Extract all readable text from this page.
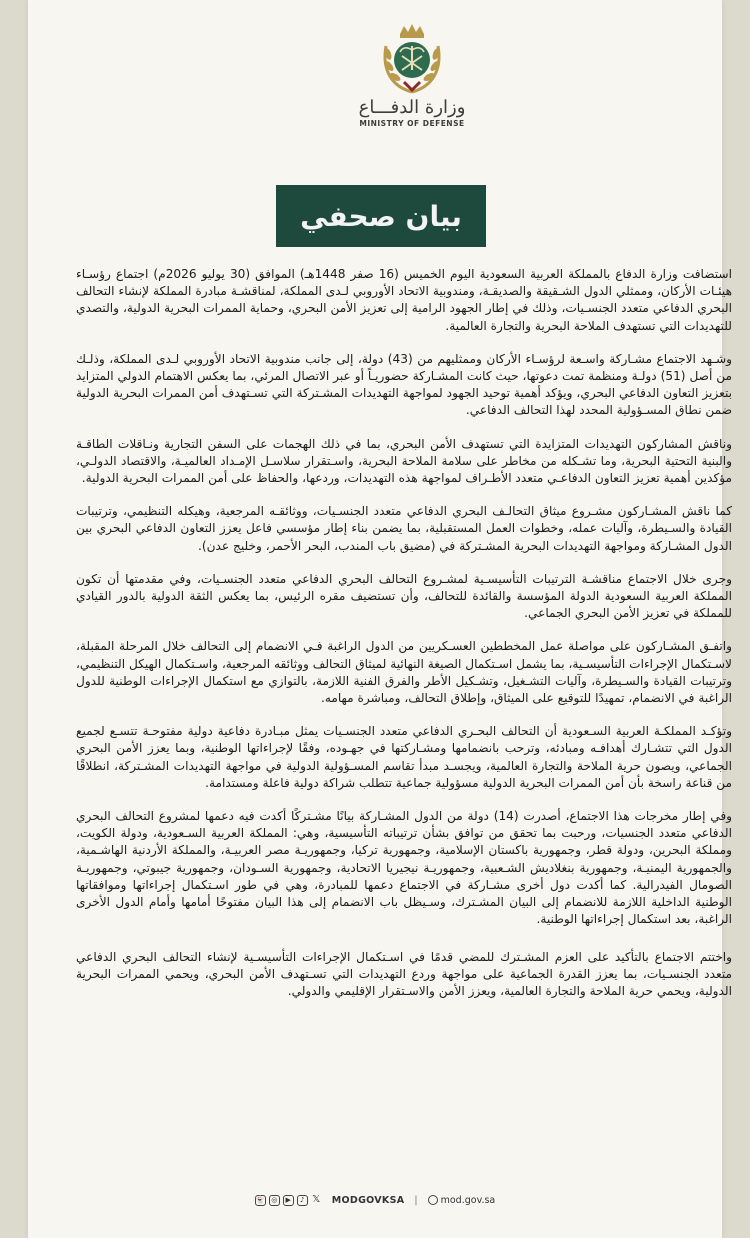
وزارة الدفـــاع
MINISTRY OF DEFENSE
بيان صحفي

استضافت وزارة الدفاع بالمملكة العربية السعودية اليوم الخميس (16 صفر 1448هـ) الموافق (30 يوليو 2026م) اجتماع رؤسـاء هيئـات الأركان، وممثلي الدول الشـقيقة والصديقـة، ومندوبية الاتحاد الأوروبي لـدى المملكة، لمناقشـة مبادرة المملكة لإنشاء التحالف البحري الدفاعي متعدد الجنسـيات، وذلك في إطار الجهود الرامية إلى تعزيز الأمن البحري، وحماية الممرات البحرية الدولية، والتصدي للتهديدات التي تستهدف الملاحة البحرية والتجارة العالمية.

وشـهد الاجتماع مشـاركة واسـعة لرؤسـاء الأركان وممثليهم من (43) دولة، إلى جانب مندوبية الاتحاد الأوروبي لـدى المملكة، وذلـك من أصل (51) دولـة ومنظمة تمت دعوتها، حيث كانت المشـاركة حضوريـاً أو عبر الاتصال المرئي، بما يعكس الاهتمام الدولي المتزايد بتعزيز التعاون الدفاعي البحري، ويؤكد أهمية توحيد الجهود لمواجهة التهديدات المشـتركة التي تسـتهدف أمن الممرات البحرية الدولية ضمن نطاق المسـؤولية المحدد لهذا التحالف الدفاعي.

وناقش المشاركون التهديدات المتزايدة التي تستهدف الأمن البحري، بما في ذلك الهجمات على السفن التجارية ونـاقلات الطاقـة والبنية التحتية البحرية، وما تشـكله من مخاطر على سلامة الملاحة البحرية، واسـتقرار سلاسـل الإمـداد العالميـة، والاقتصاد الدولـي، مؤكدين أهمية تعزيز التعاون الدفاعـي متعدد الأطـراف لمواجهة هذه التهديدات، وردعها، والحفاظ على أمن الممرات البحرية الدولية.

كما ناقش المشـاركون مشـروع ميثاق التحالـف البحري الدفاعي متعدد الجنسـيات، ووثائقـه المرجعية، وهيكله التنظيمي، وترتيبات القيادة والسـيطرة، وآليات عمله، وخطوات العمل المستقبلية، بما يضمن بناء إطار مؤسسي فاعل يعزز التعاون الدفاعي البحري بين الدول المشـاركة ومواجهة التهديدات البحرية المشـتركة في (مضيق باب المندب، البحر الأحمر، وخليج عدن).

وجرى خلال الاجتماع مناقشـة الترتيبات التأسيسـية لمشـروع التحالف البحري الدفاعي متعدد الجنسـيات، وفي مقدمتها أن تكون المملكة العربية السعودية الدولة المؤسسة والقائدة للتحالف، وأن تستضيف مقره الرئيس، بما يعكس الثقة الدولية بالدور القيادي للمملكة في تعزيز الأمن البحري الجماعي.

واتفـق المشـاركون على مواصلة عمل المخططين العسـكريين من الدول الراغبة فـي الانضمام إلى التحالف خلال المرحلة المقبلة، لاسـتكمال الإجراءات التأسيسـية، بما يشمل اسـتكمال الصيغة النهائية لميثاق التحالف ووثائقه المرجعية، واسـتكمال الهيكل التنظيمي، وترتيبات القيادة والسـيطرة، وآليات التشـغيل، وتشـكيل الأطر والفرق الفنية اللازمة، بالتوازي مع استكمال الإجراءات الوطنية للدول الراغبة في الانضمام، تمهيدًا للتوقيع على الميثاق، وإطلاق التحالف، ومباشرة مهامه.

وتؤكـد المملكـة العربية السـعودية أن التحالف البحـري الدفاعي متعدد الجنسـيات يمثل مبـادرة دفاعية دولية مفتوحـة تتسـع لجميع الدول التي تتشـارك أهدافـه ومبادئه، وترحب بانضمامها ومشـاركتها في جهـوده، وفقًا لإجراءاتها الوطنية، وبما يعزز الأمن البحري الجماعي، ويصون حرية الملاحة والتجارة العالمية، ويجسـد مبدأ تقاسم المسـؤولية الدولية في مواجهة التهديدات المشـتركة، انطلاقًا من قناعة راسخة بأن أمن الممرات البحرية الدولية مسؤولية جماعية تتطلب شراكة دولية فاعلة ومستدامة.

وفي إطار مخرجات هذا الاجتماع، أصدرت (14) دولة من الدول المشـاركة بيانًا مشـتركًا أكدت فيه دعمها لمشروع التحالف البحري الدفاعي متعدد الجنسيات، ورحبت بما تحقق من توافق بشأن ترتيباته التأسيسية، وهي: المملكة العربية السـعودية، ودولة الكويت، ومملكة البحرين، ودولة قطر، وجمهورية باكستان الإسلامية، وجمهورية تركيا، وجمهوريـة مصر العربيـة، والمملكة الأردنية الهاشـمية، والجمهورية اليمنيـة، وجمهورية بنغلاديش الشـعبية، وجمهوريـة نيجيريا الاتحادية، وجمهورية السـودان، وجمهورية جيبوتي، وجمهوريـة الصومال الفيدرالية. كما أكدت دول أخرى مشـاركة في الاجتماع دعمها للمبادرة، وهي في طور اسـتكمال إجراءاتها وموافقاتها الوطنية الداخلية اللازمة للانضمام إلى البيان المشـترك، وسـيظل باب الانضمام إلى هذا البيان مفتوحًا أمامها وأمام الدول الأخرى الراغبة، بعد استكمال إجراءاتها الوطنية.

واختتم الاجتماع بالتأكيد على العزم المشـترك للمضي قدمًا في اسـتكمال الإجراءات التأسيسـية لإنشاء التحالف البحري الدفاعي متعدد الجنسـيات، بما يعزز القدرة الجماعية على مواجهة وردع التهديدات التي تسـتهدف الأمن البحري، ويحمي الممرات البحرية الدولية، ويحمي حرية الملاحة والتجارة العالمية، ويعزز الأمن والاسـتقرار الإقليمي والدولي.

👻 ◎	▶	♪ 𝕏 MODGOVKSA |	mod.gov.sa
